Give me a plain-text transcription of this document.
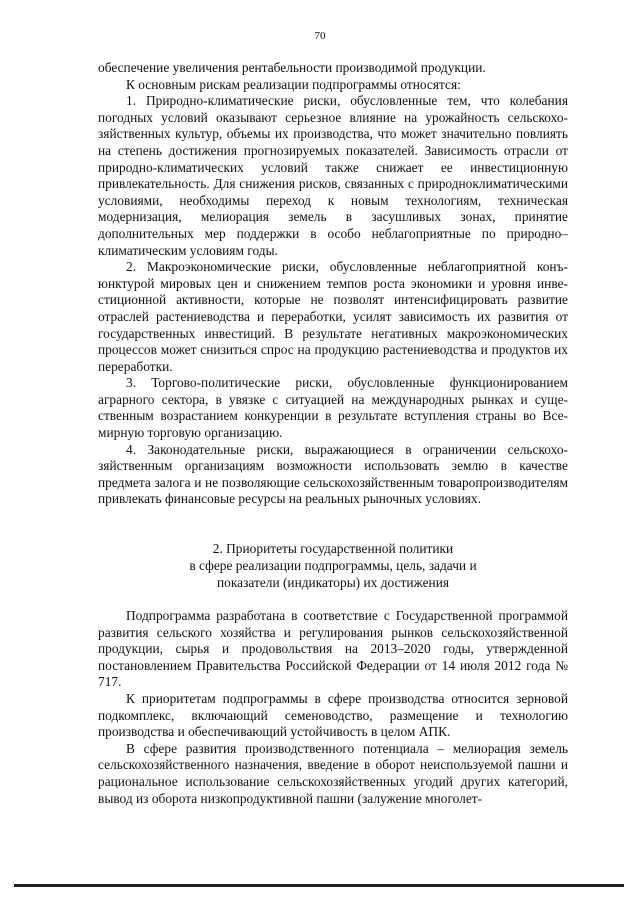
70

обеспечение увеличения рентабельности производимой продукции.

К основным рискам реализации подпрограммы относятся:

1. Природно-климатические риски, обусловленные тем, что колебания погодных условий оказывают серьезное влияние на урожайность сельскохозяйственных культур, объемы их производства, что может значительно повлиять на степень достижения прогнозируемых показателей. Зависимость отрасли от природно-климатических условий также снижает ее инвестиционную привлекательность. Для снижения рисков, связанных с природноклиматическими условиями, необходимы переход к новым технологиям, техническая модернизация, мелиорация земель в засушливых зонах, принятие дополнительных мер поддержки в особо неблагоприятные по природно–климатическим условиям годы.

2. Макроэкономические риски, обусловленные неблагоприятной конъюнктурой мировых цен и снижением темпов роста экономики и уровня инвестиционной активности, которые не позволят интенсифицировать развитие отраслей растениеводства и переработки, усилят зависимость их развития от государственных инвестиций. В результате негативных макроэкономических процессов может снизиться спрос на продукцию растениеводства и продуктов их переработки.

3. Торгово-политические риски, обусловленные функционированием аграрного сектора, в увязке с ситуацией на международных рынках и существенным возрастанием конкуренции в результате вступления страны во Всемирную торговую организацию.

4. Законодательные риски, выражающиеся в ограничении сельскохозяйственным организациям возможности использовать землю в качестве предмета залога и не позволяющие сельскохозяйственным товаропроизводителям привлекать финансовые ресурсы на реальных рыночных условиях.

2. Приоритеты государственной политики
в сфере реализации подпрограммы, цель, задачи и
показатели (индикаторы) их достижения

Подпрограмма разработана в соответствие с Государственной программой развития сельского хозяйства и регулирования рынков сельскохозяйственной продукции, сырья и продовольствия на 2013–2020 годы, утвержденной постановлением Правительства Российской Федерации от 14 июля 2012 года № 717.

К приоритетам подпрограммы в сфере производства относится зерновой подкомплекс, включающий семеноводство, размещение и технологию производства и обеспечивающий устойчивость в целом АПК.

В сфере развития производственного потенциала – мелиорация земель сельскохозяйственного назначения, введение в оборот неиспользуемой пашни и рациональное использование сельскохозяйственных угодий других категорий, вывод из оборота низкопродуктивной пашни (залужение многолет-
